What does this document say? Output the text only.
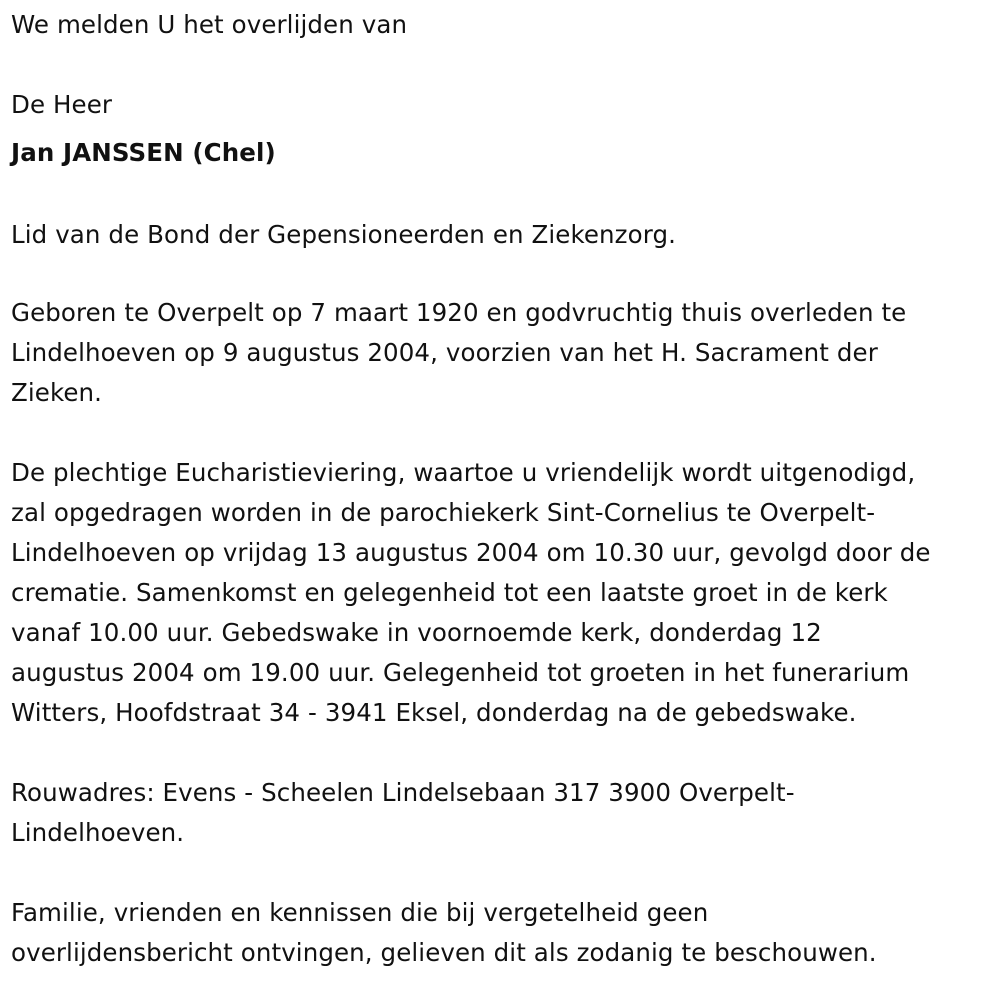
We melden U het overlijden van
De Heer
Jan JANSSEN (Chel)
Lid van de Bond der Gepensioneerden en Ziekenzorg.
Geboren te Overpelt op 7 maart 1920 en godvruchtig thuis overleden te
Lindelhoeven op 9 augustus 2004, voorzien van het H. Sacrament der
Zieken.
De plechtige Eucharistieviering, waartoe u vriendelijk wordt uitgenodigd,
zal opgedragen worden in de parochiekerk Sint-Cornelius te Overpelt-
Lindelhoeven op vrijdag 13 augustus 2004 om 10.30 uur, gevolgd door de
crematie. Samenkomst en gelegenheid tot een laatste groet in de kerk
vanaf 10.00 uur. Gebedswake in voornoemde kerk, donderdag 12
augustus 2004 om 19.00 uur. Gelegenheid tot groeten in het funerarium
Witters, Hoofdstraat 34 - 3941 Eksel, donderdag na de gebedswake.
Rouwadres: Evens - Scheelen Lindelsebaan 317 3900 Overpelt-
Lindelhoeven.
Familie, vrienden en kennissen die bij vergetelheid geen
overlijdensbericht ontvingen, gelieven dit als zodanig te beschouwen.
